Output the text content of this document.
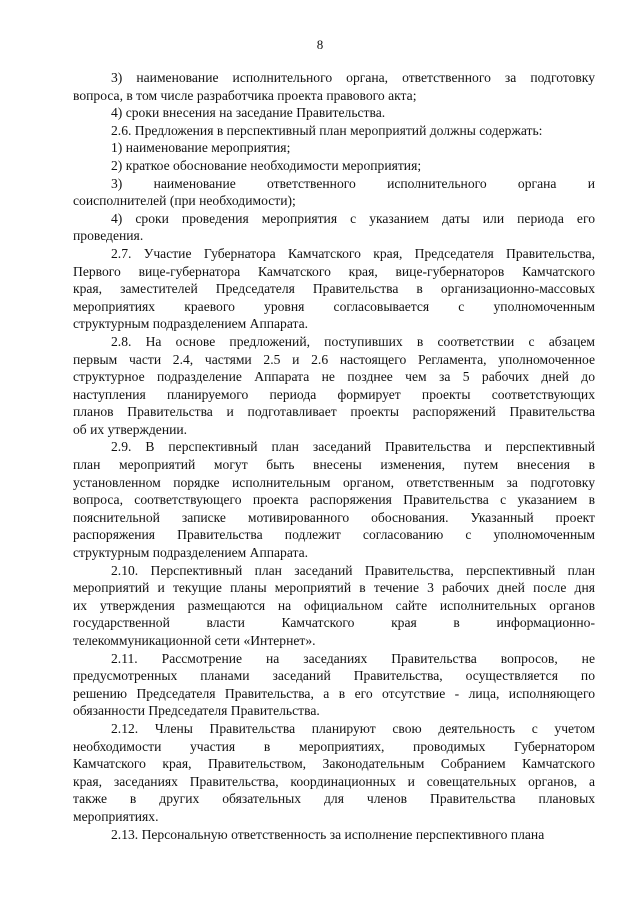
8

3) наименование исполнительного органа, ответственного за подготовку
вопроса, в том числе разработчика проекта правового акта;

4) сроки внесения на заседание Правительства.

2.6. Предложения в перспективный план мероприятий должны содержать:

1) наименование мероприятия;

2) краткое обоснование необходимости мероприятия;

3) наименование ответственного исполнительного органа и
соисполнителей (при необходимости);

4) сроки проведения мероприятия с указанием даты или периода его
проведения.

2.7. Участие Губернатора Камчатского края, Председателя Правительства,
Первого вице-губернатора Камчатского края, вице-губернаторов Камчатского
края, заместителей Председателя Правительства в организационно-массовых
мероприятиях краевого уровня согласовывается с уполномоченным
структурным подразделением Аппарата.

2.8. На основе предложений, поступивших в соответствии с абзацем
первым части 2.4, частями 2.5 и 2.6 настоящего Регламента, уполномоченное
структурное подразделение Аппарата не позднее чем за 5 рабочих дней до
наступления планируемого периода формирует проекты соответствующих
планов Правительства и подготавливает проекты распоряжений Правительства
об их утверждении.

2.9. В перспективный план заседаний Правительства и перспективный
план мероприятий могут быть внесены изменения, путем внесения в
установленном порядке исполнительным органом, ответственным за подготовку
вопроса, соответствующего проекта распоряжения Правительства с указанием в
пояснительной записке мотивированного обоснования. Указанный проект
распоряжения Правительства подлежит согласованию с уполномоченным
структурным подразделением Аппарата.

2.10. Перспективный план заседаний Правительства, перспективный план
мероприятий и текущие планы мероприятий в течение 3 рабочих дней после дня
их утверждения размещаются на официальном сайте исполнительных органов
государственной власти Камчатского края в информационно-
телекоммуникационной сети «Интернет».

2.11. Рассмотрение на заседаниях Правительства вопросов, не
предусмотренных планами заседаний Правительства, осуществляется по
решению Председателя Правительства, а в его отсутствие - лица, исполняющего
обязанности Председателя Правительства.

2.12. Члены Правительства планируют свою деятельность с учетом
необходимости участия в мероприятиях, проводимых Губернатором
Камчатского края, Правительством, Законодательным Собранием Камчатского
края, заседаниях Правительства, координационных и совещательных органов, а
также в других обязательных для членов Правительства плановых
мероприятиях.

2.13. Персональную ответственность за исполнение перспективного плана
